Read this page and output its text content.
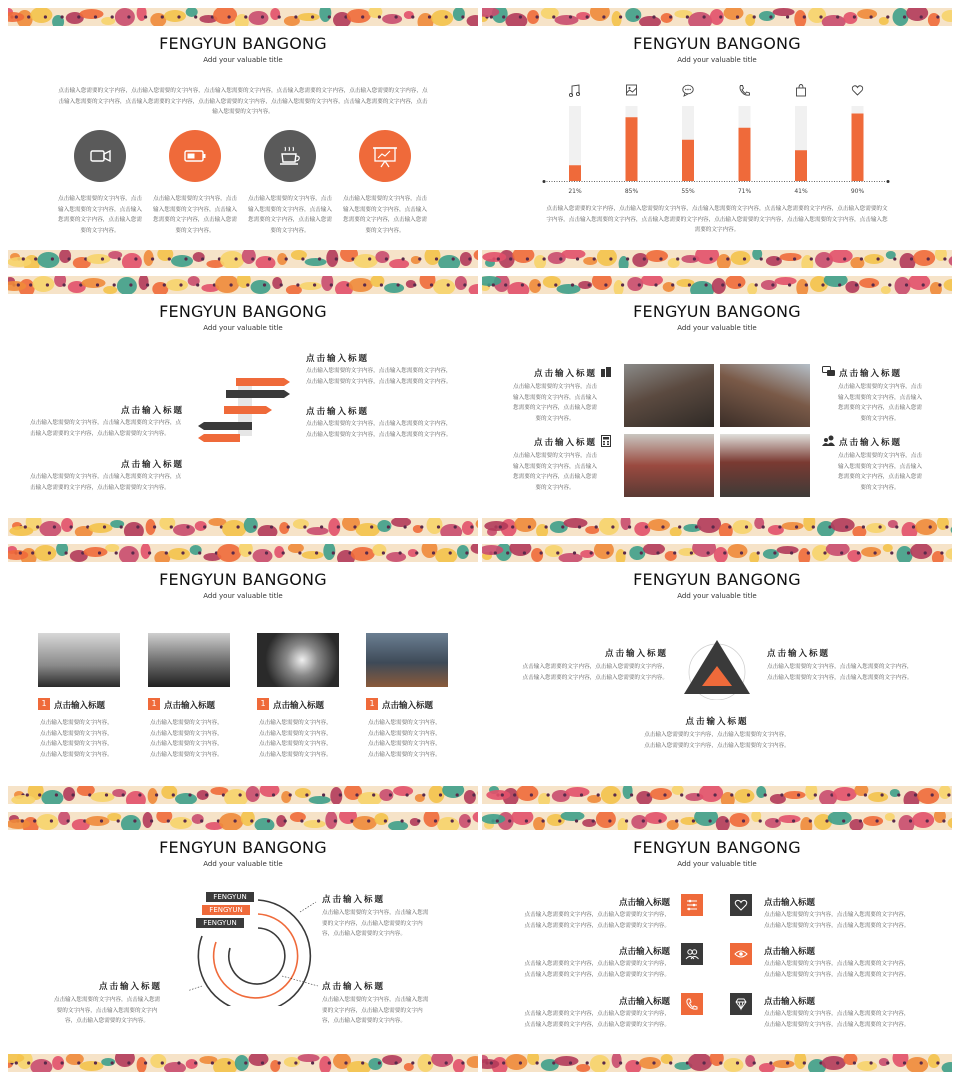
FENGYUN BANGONG
Add your valuable title
点击输入您需要的文字内容，点击输入您需要的文字内容，点击输入您需要的文字内容，点击输入您需要的文字内容，点击输入您需要的文字内容，点击输入您需要的文字内容，点击输入您需要的文字内容，点击输入您需要的文字内容，点击输入您需要的文字内容，点击输入您需要的文字内容，点击输入您需要的文字内容。
点击输入您需要的文字内容，点击输入您需要的文字内容，点击输入您需要的文字内容，点击输入您需要的文字内容。
点击输入您需要的文字内容，点击输入您需要的文字内容，点击输入您需要的文字内容，点击输入您需要的文字内容。
点击输入您需要的文字内容，点击输入您需要的文字内容，点击输入您需要的文字内容，点击输入您需要的文字内容。
点击输入您需要的文字内容，点击输入您需要的文字内容，点击输入您需要的文字内容，点击输入您需要的文字内容。
FENGYUN BANGONG
Add your valuable title
21%	85%	55%	71%	41%	90%
点击输入您需要的文字内容，点击输入您需要的文字内容，点击输入您需要的文字内容，点击输入您需要的文字内容，点击输入您需要的文字内容，点击输入您需要的文字内容，点击输入您需要的文字内容，点击输入您需要的文字内容，点击输入您需要的文字内容，点击输入您需要的文字内容。
FENGYUN BANGONG
Add your valuable title
点击输入标题
点击输入您需要的文字内容，点击输入您需要的文字内容，点击输入您需要的文字内容，点击输入您需要的文字内容。
点击输入标题
点击输入您需要的文字内容，点击输入您需要的文字内容，点击输入您需要的文字内容，点击输入您需要的文字内容。
点击输入标题
点击输入您需要的文字内容，点击输入您需要的文字内容，点击输入您需要的文字内容，点击输入您需要的文字内容。
点击输入标题
点击输入您需要的文字内容，点击输入您需要的文字内容，点击输入您需要的文字内容，点击输入您需要的文字内容。
FENGYUN BANGONG
Add your valuable title
点击输入标题
点击输入您需要的文字内容，点击输入您需要的文字内容，点击输入您需要的文字内容，点击输入您需要的文字内容。
点击输入标题
点击输入您需要的文字内容，点击输入您需要的文字内容，点击输入您需要的文字内容，点击输入您需要的文字内容。
点击输入标题
点击输入您需要的文字内容，点击输入您需要的文字内容，点击输入您需要的文字内容，点击输入您需要的文字内容。
点击输入标题
点击输入您需要的文字内容，点击输入您需要的文字内容，点击输入您需要的文字内容，点击输入您需要的文字内容。
FENGYUN BANGONG
Add your valuable title
1 点击输入标题
点击输入您需要的文字内容，点击输入您需要的文字内容，点击输入您需要的文字内容，点击输入您需要的文字内容。
1 点击输入标题
点击输入您需要的文字内容，点击输入您需要的文字内容，点击输入您需要的文字内容，点击输入您需要的文字内容。
1 点击输入标题
点击输入您需要的文字内容，点击输入您需要的文字内容，点击输入您需要的文字内容，点击输入您需要的文字内容。
1 点击输入标题
点击输入您需要的文字内容，点击输入您需要的文字内容，点击输入您需要的文字内容，点击输入您需要的文字内容。
FENGYUN BANGONG
Add your valuable title
点击输入标题
点击输入您需要的文字内容，点击输入您需要的文字内容，点击输入您需要的文字内容，点击输入您需要的文字内容。
点击输入标题
点击输入您需要的文字内容，点击输入您需要的文字内容，点击输入您需要的文字内容，点击输入您需要的文字内容。
点击输入标题
点击输入您需要的文字内容，点击输入您需要的文字内容，点击输入您需要的文字内容，点击输入您需要的文字内容。
FENGYUN BANGONG
Add your valuable title
FENGYUN
FENGYUN
FENGYUN
点击输入标题
点击输入您需要的文字内容，点击输入您需要的文字内容，点击输入您需要的文字内容，点击输入您需要的文字内容。
点击输入标题
点击输入您需要的文字内容，点击输入您需要的文字内容，点击输入您需要的文字内容，点击输入您需要的文字内容。
点击输入标题
点击输入您需要的文字内容，点击输入您需要的文字内容，点击输入您需要的文字内容，点击输入您需要的文字内容。
FENGYUN BANGONG
Add your valuable title
点击输入标题
点击输入您需要的文字内容，点击输入您需要的文字内容，点击输入您需要的文字内容，点击输入您需要的文字内容。
点击输入标题
点击输入您需要的文字内容，点击输入您需要的文字内容，点击输入您需要的文字内容，点击输入您需要的文字内容。
点击输入标题
点击输入您需要的文字内容，点击输入您需要的文字内容，点击输入您需要的文字内容，点击输入您需要的文字内容。
点击输入标题
点击输入您需要的文字内容，点击输入您需要的文字内容，点击输入您需要的文字内容，点击输入您需要的文字内容。
点击输入标题
点击输入您需要的文字内容，点击输入您需要的文字内容，点击输入您需要的文字内容，点击输入您需要的文字内容。
点击输入标题
点击输入您需要的文字内容，点击输入您需要的文字内容，点击输入您需要的文字内容，点击输入您需要的文字内容。
